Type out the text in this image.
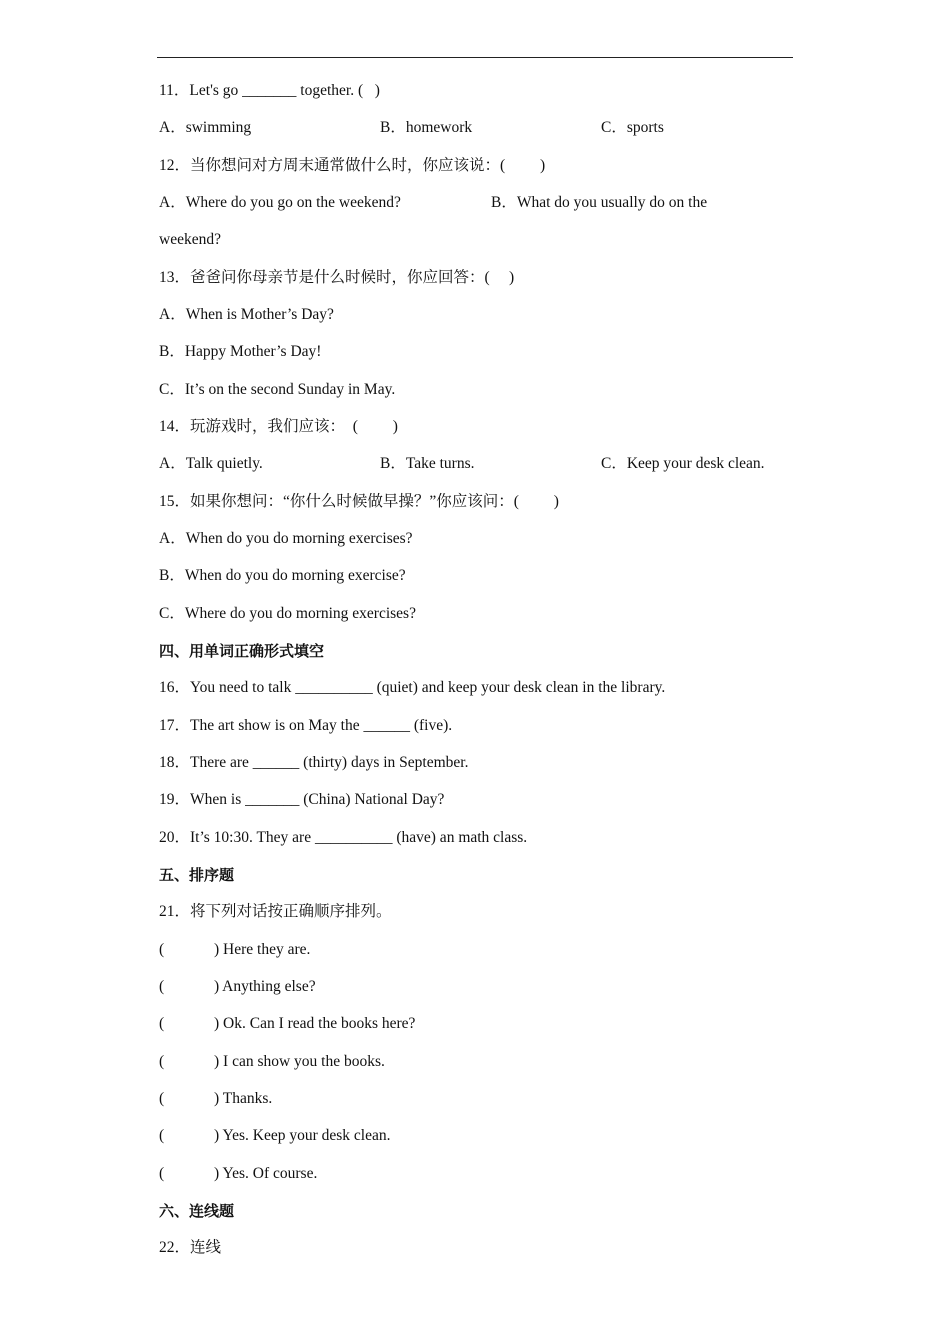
11．Let's go _______ together. (   )
A．swimming	B．homework	C．sports
12．当你想问对方周末通常做什么时，你应该说：(         )
A．Where do you go on the weekend?	B．What do you usually do on the
weekend?
13．爸爸问你母亲节是什么时候时，你应回答：(     )
A．When is Mother’s Day?
B．Happy Mother’s Day!
C．It’s on the second Sunday in May.
14．玩游戏时，我们应该：  (         )
A．Talk quietly.	B．Take turns.	C．Keep your desk clean.
15．如果你想问：“你什么时候做早操？”你应该问：(         )
A．When do you do morning exercises?
B．When do you do morning exercise?
C．Where do you do morning exercises?
四、用单词正确形式填空
16．You need to talk __________ (quiet) and keep your desk clean in the library.
17．The art show is on May the ______ (five).
18．There are ______ (thirty) days in September.
19．When is _______ (China) National Day?
20．It’s 10:30. They are __________ (have) an math class.
五、排序题
21．将下列对话按正确顺序排列。
(	) Here they are.
(	) Anything else?
(	) Ok. Can I read the books here?
(	) I can show you the books.
(	) Thanks.
(	) Yes. Keep your desk clean.
(	) Yes. Of course.
六、连线题
22．连线
